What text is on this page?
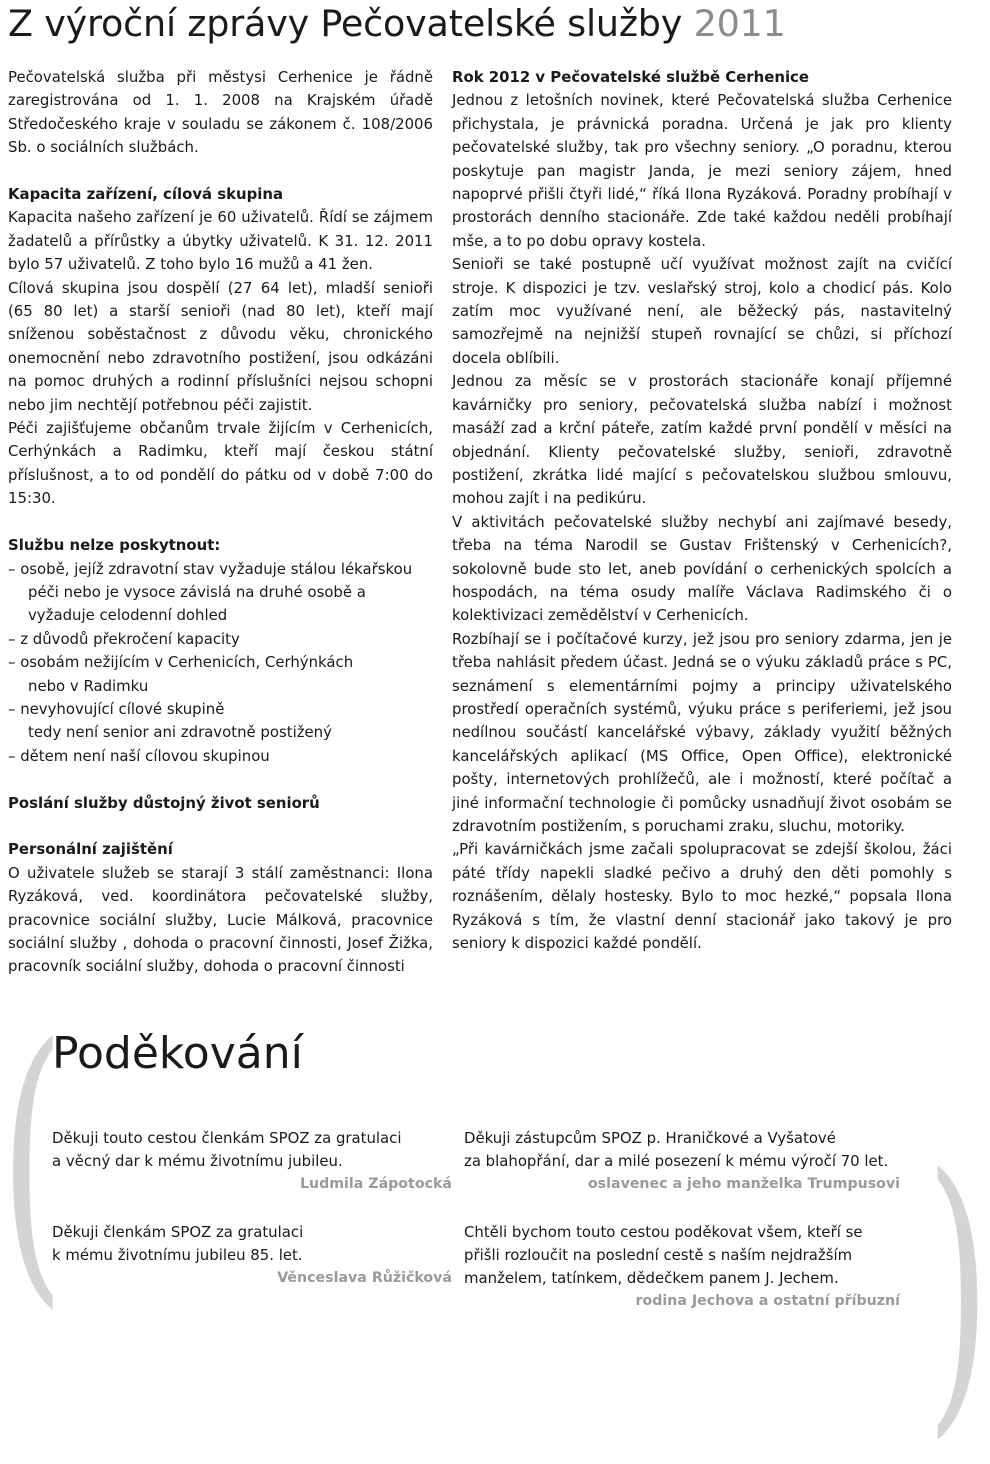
Z výroční zprávy Pečovatelské služby 2011

Pečovatelská služba při městysi Cerhenice je řádně zaregistrována od 1. 1. 2008 na Krajském úřadě Středočeského kraje v souladu se zákonem č. 108/2006 Sb. o sociálních službách.

Kapacita zařízení, cílová skupina

Kapacita našeho zařízení je 60 uživatelů. Řídí se zájmem žadatelů a přírůstky a úbytky uživatelů. K 31. 12. 2011 bylo 57 uživatelů. Z toho bylo 16 mužů a 41 žen.

Cílová skupina jsou dospělí (27 64 let), mladší senioři (65 80 let) a starší senioři (nad 80 let), kteří mají sníženou soběstačnost z důvodu věku, chronického onemocnění nebo zdravotního postižení, jsou odkázáni na pomoc druhých a rodinní příslušníci nejsou schopni nebo jim nechtějí potřebnou péči zajistit.

Péči zajišťujeme občanům trvale žijícím v Cerhenicích, Cerhýnkách a Radimku, kteří mají českou státní příslušnost, a to od pondělí do pátku od v době 7:00 do 15:30.

Službu nelze poskytnout:

– osobě, jejíž zdravotní stav vyžaduje stálou lékařskou péči nebo je vysoce závislá na druhé osobě a vyžaduje celodenní dohled
– z důvodů překročení kapacity
– osobám nežijícím v Cerhenicích, Cerhýnkách
nebo v Radimku
– nevyhovující cílové skupině
tedy není senior ani zdravotně postižený
– dětem není naší cílovou skupinou

Poslání služby důstojný život seniorů

Personální zajištění

O uživatele služeb se starají 3 stálí zaměstnanci: Ilona Ryzáková, ved. koordinátora pečovatelské služby, pracovnice sociální služby, Lucie Málková, pracovnice sociální služby , dohoda o pracovní činnosti, Josef Žižka, pracovník sociální služby, dohoda o pracovní činnosti

Rok 2012 v Pečovatelské službě Cerhenice

Jednou z letošních novinek, které Pečovatelská služba Cerhenice přichystala, je právnická poradna. Určená je jak pro klienty pečovatelské služby, tak pro všechny seniory. „O poradnu, kterou poskytuje pan magistr Janda, je mezi seniory zájem, hned napoprvé přišli čtyři lidé,“ říká Ilona Ryzáková. Poradny probíhají v prostorách denního stacionáře. Zde také každou neděli probíhají mše, a to po dobu opravy kostela.

Senioři se také postupně učí využívat možnost zajít na cvičící stroje. K dispozici je tzv. veslařský stroj, kolo a chodicí pás. Kolo zatím moc využívané není, ale běžecký pás, nastavitelný samozřejmě na nejnižší stupeň rovnající se chůzi, si příchozí docela oblíbili.

Jednou za měsíc se v prostorách stacionáře konají příjemné kavárničky pro seniory, pečovatelská služba nabízí i možnost masáží zad a krční páteře, zatím každé první pondělí v měsíci na objednání. Klienty pečovatelské služby, senioři, zdravotně postižení, zkrátka lidé mající s pečovatelskou službou smlouvu, mohou zajít i na pedikúru.

V aktivitách pečovatelské služby nechybí ani zajímavé besedy, třeba na téma Narodil se Gustav Frištenský v Cerhenicích?, sokolovně bude sto let, aneb povídání o cerhenických spolcích a hospodách, na téma osudy malíře Václava Radimského či o kolektivizaci zemědělství v Cerhenicích.

Rozbíhají se i počítačové kurzy, jež jsou pro seniory zdarma, jen je třeba nahlásit předem účast. Jedná se o výuku základů práce s PC, seznámení s elementárními pojmy a principy uživatelského prostředí operačních systémů, výuku práce s periferiemi, jež jsou nedílnou součástí kancelářské výbavy, základy využití běžných kancelářských aplikací (MS Office, Open Office), elektronické pošty, internetových prohlížečů, ale i možností, které počítač a jiné informační technologie či pomůcky usnadňují život osobám se zdravotním postižením, s poruchami zraku, sluchu, motoriky.

„Při kavárničkách jsme začali spolupracovat se zdejší školou, žáci páté třídy napekli sladké pečivo a druhý den děti pomohly s roznášením, dělaly hostesky. Bylo to moc hezké,“ popsala Ilona Ryzáková s tím, že vlastní denní stacionář jako takový je pro seniory k dispozici každé pondělí.

(	)
Poděkování

Děkuji touto cestou členkám SPOZ za gratulaci

a věcný dar k mému životnímu jubileu.

Ludmila Zápotocká

Děkuji zástupcům SPOZ p. Hraničkové a Vyšatové

za blahopřání, dar a milé posezení k mému výročí 70 let.

oslavenec a jeho manželka Trumpusovi

Děkuji členkám SPOZ za gratulaci

k mému životnímu jubileu 85. let.

Věnceslava Růžičková

Chtěli bychom touto cestou poděkovat všem, kteří se

přišli rozloučit na poslední cestě s naším nejdražším

manželem, tatínkem, dědečkem panem J. Jechem.

rodina Jechova a ostatní příbuzní
